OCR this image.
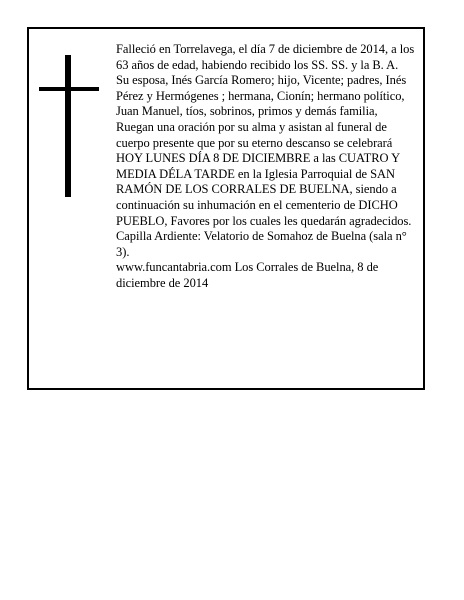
Falleció en Torrelavega, el día 7 de diciembre de 2014, a los 63 años de edad, habiendo recibido los SS. SS. y la B. A.

Su esposa, Inés García Romero; hijo, Vicente; padres, Inés Pérez y Hermógenes ; hermana, Cionín; hermano político, Juan Manuel, tíos, sobrinos, primos y demás familia,

Ruegan una oración por su alma y asistan al funeral de cuerpo presente que por su eterno descanso se celebrará HOY LUNES DÍA 8 DE DICIEMBRE a las CUATRO Y MEDIA DÉLA TARDE en la Iglesia Parroquial de SAN RAMÓN DE LOS CORRALES DE BUELNA, siendo a continuación su inhumación en el cementerio de DICHO PUEBLO, Favores por los cuales les quedarán agradecidos. Capilla Ardiente: Velatorio de Somahoz de Buelna (sala n° 3).

www.funcantabria.com Los Corrales de Buelna, 8 de diciembre de 2014
